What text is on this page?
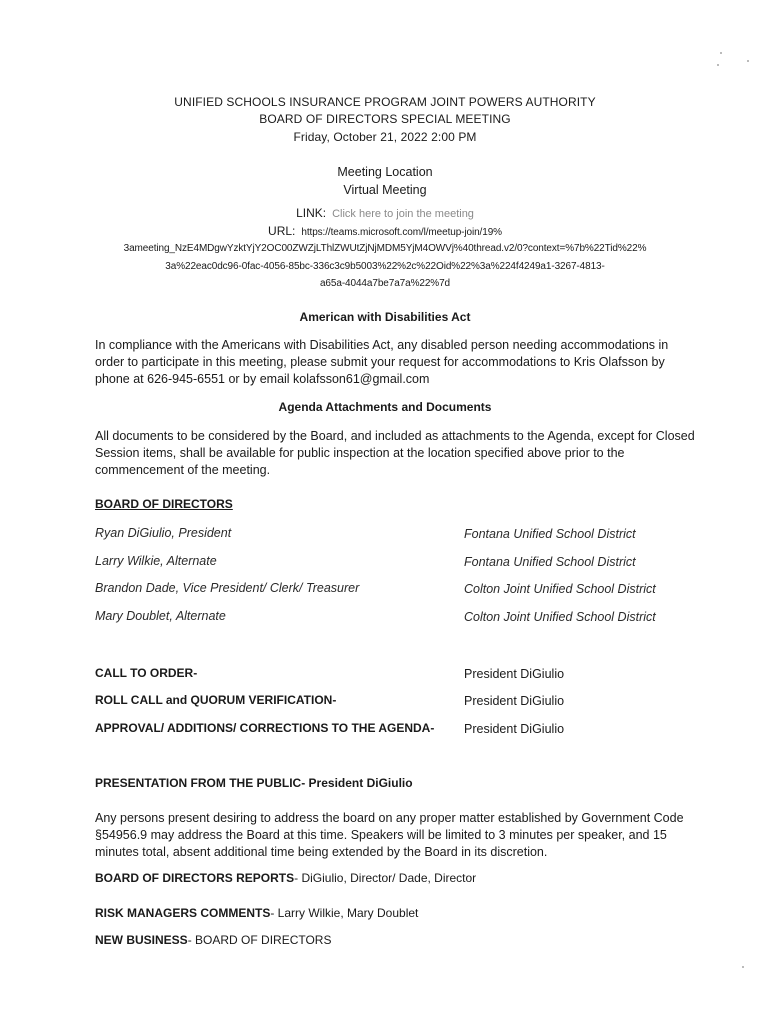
UNIFIED SCHOOLS INSURANCE PROGRAM JOINT POWERS AUTHORITY
BOARD OF DIRECTORS SPECIAL MEETING
Friday, October 21, 2022 2:00 PM
Meeting Location
Virtual Meeting
LINK: Click here to join the meeting
URL: https://teams.microsoft.com/l/meetup-join/19%
3ameeting_NzE4MDgwYzktYjY2OC00ZWZjLThlZWUtZjNjMDM5YjM4OWVj%40thread.v2/0?context=%7b%22Tid%22%
3a%22eac0dc96-0fac-4056-85bc-336c3c9b5003%22%2c%22Oid%22%3a%224f4249a1-3267-4813-
a65a-4044a7be7a7a%22%7d
American with Disabilities Act

In compliance with the Americans with Disabilities Act, any disabled person needing accommodations in order to participate in this meeting, please submit your request for accommodations to Kris Olafsson by phone at 626-945-6551 or by email kolafsson61@gmail.com

Agenda Attachments and Documents

All documents to be considered by the Board, and included as attachments to the Agenda, except for Closed Session items, shall be available for public inspection at the location specified above prior to the commencement of the meeting.

BOARD OF DIRECTORS
Ryan DiGiulio, President	Fontana Unified School District
Larry Wilkie, Alternate	Fontana Unified School District
Brandon Dade, Vice President/ Clerk/ Treasurer	Colton Joint Unified School District
Mary Doublet, Alternate	Colton Joint Unified School District
CALL TO ORDER-	President DiGiulio
ROLL CALL and QUORUM VERIFICATION-	President DiGiulio
APPROVAL/ ADDITIONS/ CORRECTIONS TO THE AGENDA- President DiGiulio
PRESENTATION FROM THE PUBLIC- President DiGiulio

Any persons present desiring to address the board on any proper matter established by Government Code §54956.9 may address the Board at this time. Speakers will be limited to 3 minutes per speaker, and 15 minutes total, absent additional time being extended by the Board in its discretion.

BOARD OF DIRECTORS REPORTS- DiGiulio, Director/ Dade, Director
RISK MANAGERS COMMENTS- Larry Wilkie, Mary Doublet
NEW BUSINESS- BOARD OF DIRECTORS
